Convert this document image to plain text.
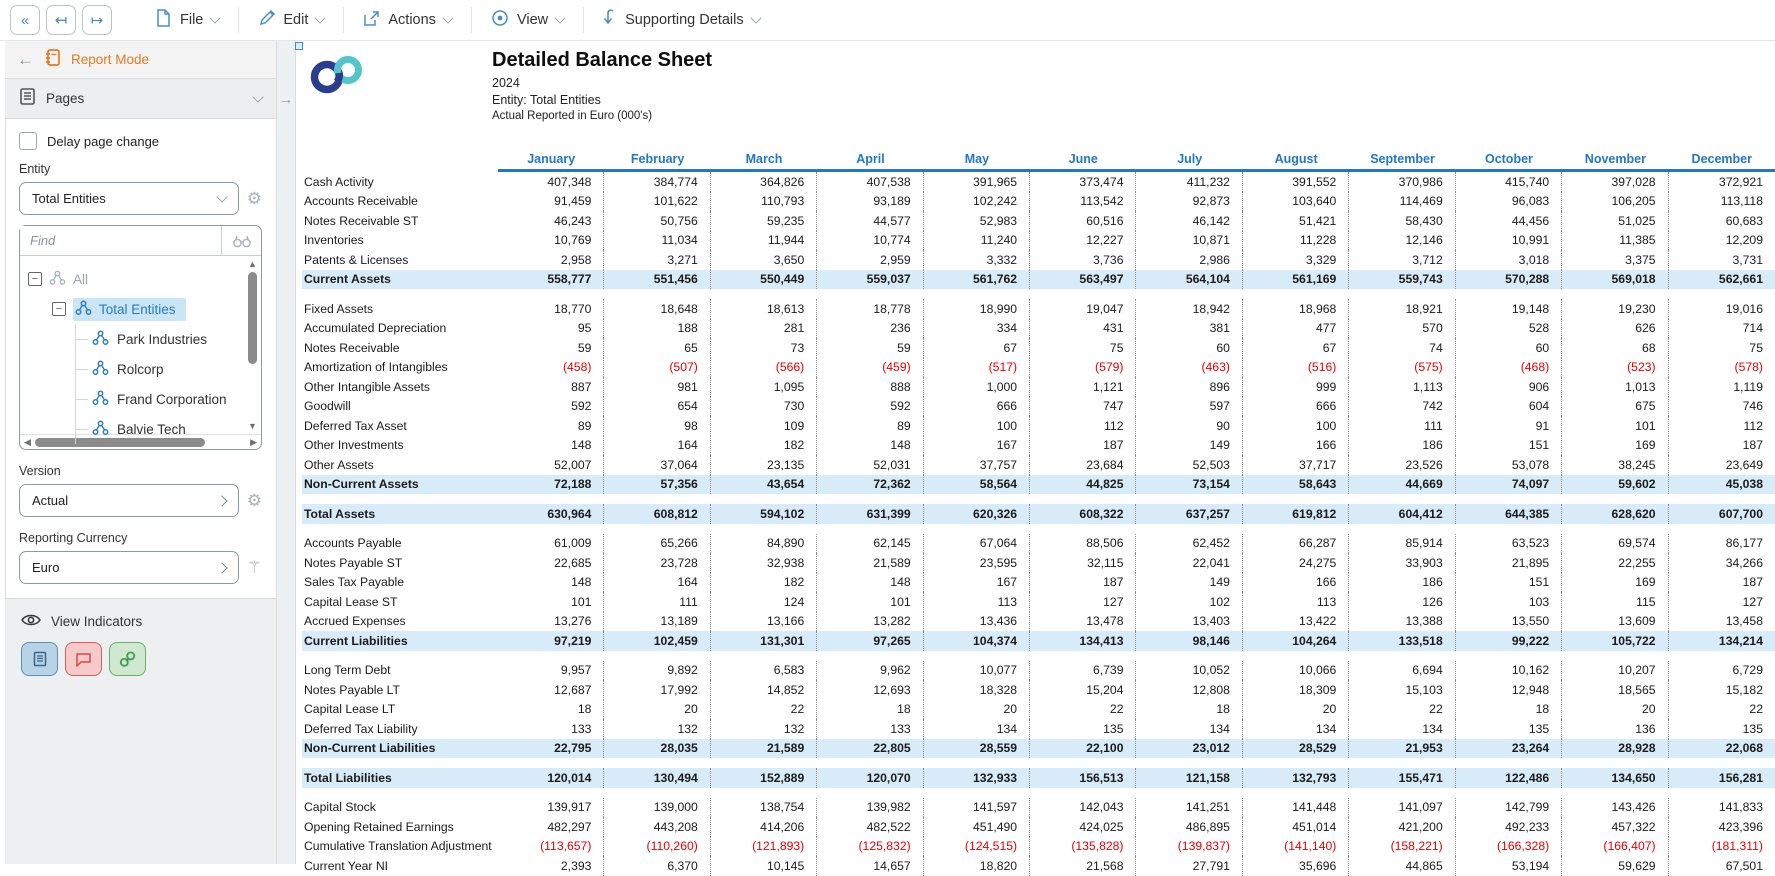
« ↤ ↦	File	Edit	Actions	View	Supporting Details
←	Report Mode
Pages
Delay page change
Entity
Total Entities	⚙
Find
−	All
−	Total Entities
Park Industries
Rolcorp
Frand Corporation
Balvie Tech
▲
▼
◀	▶
Version
Actual	⚙
Reporting Currency
Euro	⚚
View Indicators
→
Detailed Balance Sheet
2024
Entity: Total Entities
Actual Reported in Euro (000's)
January	February	March	April	May	June	July	August	September	October	November	December
Cash Activity	407,348	384,774	364,826	407,538	391,965	373,474	411,232	391,552	370,986	415,740	397,028	372,921
Accounts Receivable	91,459	101,622	110,793	93,189	102,242	113,542	92,873	103,640	114,469	96,083	106,205	113,118
Notes Receivable ST	46,243	50,756	59,235	44,577	52,983	60,516	46,142	51,421	58,430	44,456	51,025	60,683
Inventories	10,769	11,034	11,944	10,774	11,240	12,227	10,871	11,228	12,146	10,991	11,385	12,209
Patents & Licenses	2,958	3,271	3,650	2,959	3,332	3,736	2,986	3,329	3,712	3,018	3,375	3,731
Current Assets	558,777	551,456	550,449	559,037	561,762	563,497	564,104	561,169	559,743	570,288	569,018	562,661
Fixed Assets	18,770	18,648	18,613	18,778	18,990	19,047	18,942	18,968	18,921	19,148	19,230	19,016
Accumulated Depreciation	95	188	281	236	334	431	381	477	570	528	626	714
Notes Receivable	59	65	73	59	67	75	60	67	74	60	68	75
Amortization of Intangibles	(458)	(507)	(566)	(459)	(517)	(579)	(463)	(516)	(575)	(468)	(523)	(578)
Other Intangible Assets	887	981	1,095	888	1,000	1,121	896	999	1,113	906	1,013	1,119
Goodwill	592	654	730	592	666	747	597	666	742	604	675	746
Deferred Tax Asset	89	98	109	89	100	112	90	100	111	91	101	112
Other Investments	148	164	182	148	167	187	149	166	186	151	169	187
Other Assets	52,007	37,064	23,135	52,031	37,757	23,684	52,503	37,717	23,526	53,078	38,245	23,649
Non-Current Assets	72,188	57,356	43,654	72,362	58,564	44,825	73,154	58,643	44,669	74,097	59,602	45,038
Total Assets	630,964	608,812	594,102	631,399	620,326	608,322	637,257	619,812	604,412	644,385	628,620	607,700
Accounts Payable	61,009	65,266	84,890	62,145	67,064	88,506	62,452	66,287	85,914	63,523	69,574	86,177
Notes Payable ST	22,685	23,728	32,938	21,589	23,595	32,115	22,041	24,275	33,903	21,895	22,255	34,266
Sales Tax Payable	148	164	182	148	167	187	149	166	186	151	169	187
Capital Lease ST	101	111	124	101	113	127	102	113	126	103	115	127
Accrued Expenses	13,276	13,189	13,166	13,282	13,436	13,478	13,403	13,422	13,388	13,550	13,609	13,458
Current Liabilities	97,219	102,459	131,301	97,265	104,374	134,413	98,146	104,264	133,518	99,222	105,722	134,214
Long Term Debt	9,957	9,892	6,583	9,962	10,077	6,739	10,052	10,066	6,694	10,162	10,207	6,729
Notes Payable LT	12,687	17,992	14,852	12,693	18,328	15,204	12,808	18,309	15,103	12,948	18,565	15,182
Capital Lease LT	18	20	22	18	20	22	18	20	22	18	20	22
Deferred Tax Liability	133	132	132	133	134	135	134	134	134	135	136	135
Non-Current Liabilities	22,795	28,035	21,589	22,805	28,559	22,100	23,012	28,529	21,953	23,264	28,928	22,068
Total Liabilities	120,014	130,494	152,889	120,070	132,933	156,513	121,158	132,793	155,471	122,486	134,650	156,281
Capital Stock	139,917	139,000	138,754	139,982	141,597	142,043	141,251	141,448	141,097	142,799	143,426	141,833
Opening Retained Earnings	482,297	443,208	414,206	482,522	451,490	424,025	486,895	451,014	421,200	492,233	457,322	423,396
Cumulative Translation Adjustment	(113,657)	(110,260)	(121,893)	(125,832)	(124,515)	(135,828)	(139,837)	(141,140)	(158,221)	(166,328)	(166,407)	(181,311)
Current Year NI	2,393	6,370	10,145	14,657	18,820	21,568	27,791	35,696	44,865	53,194	59,629	67,501
